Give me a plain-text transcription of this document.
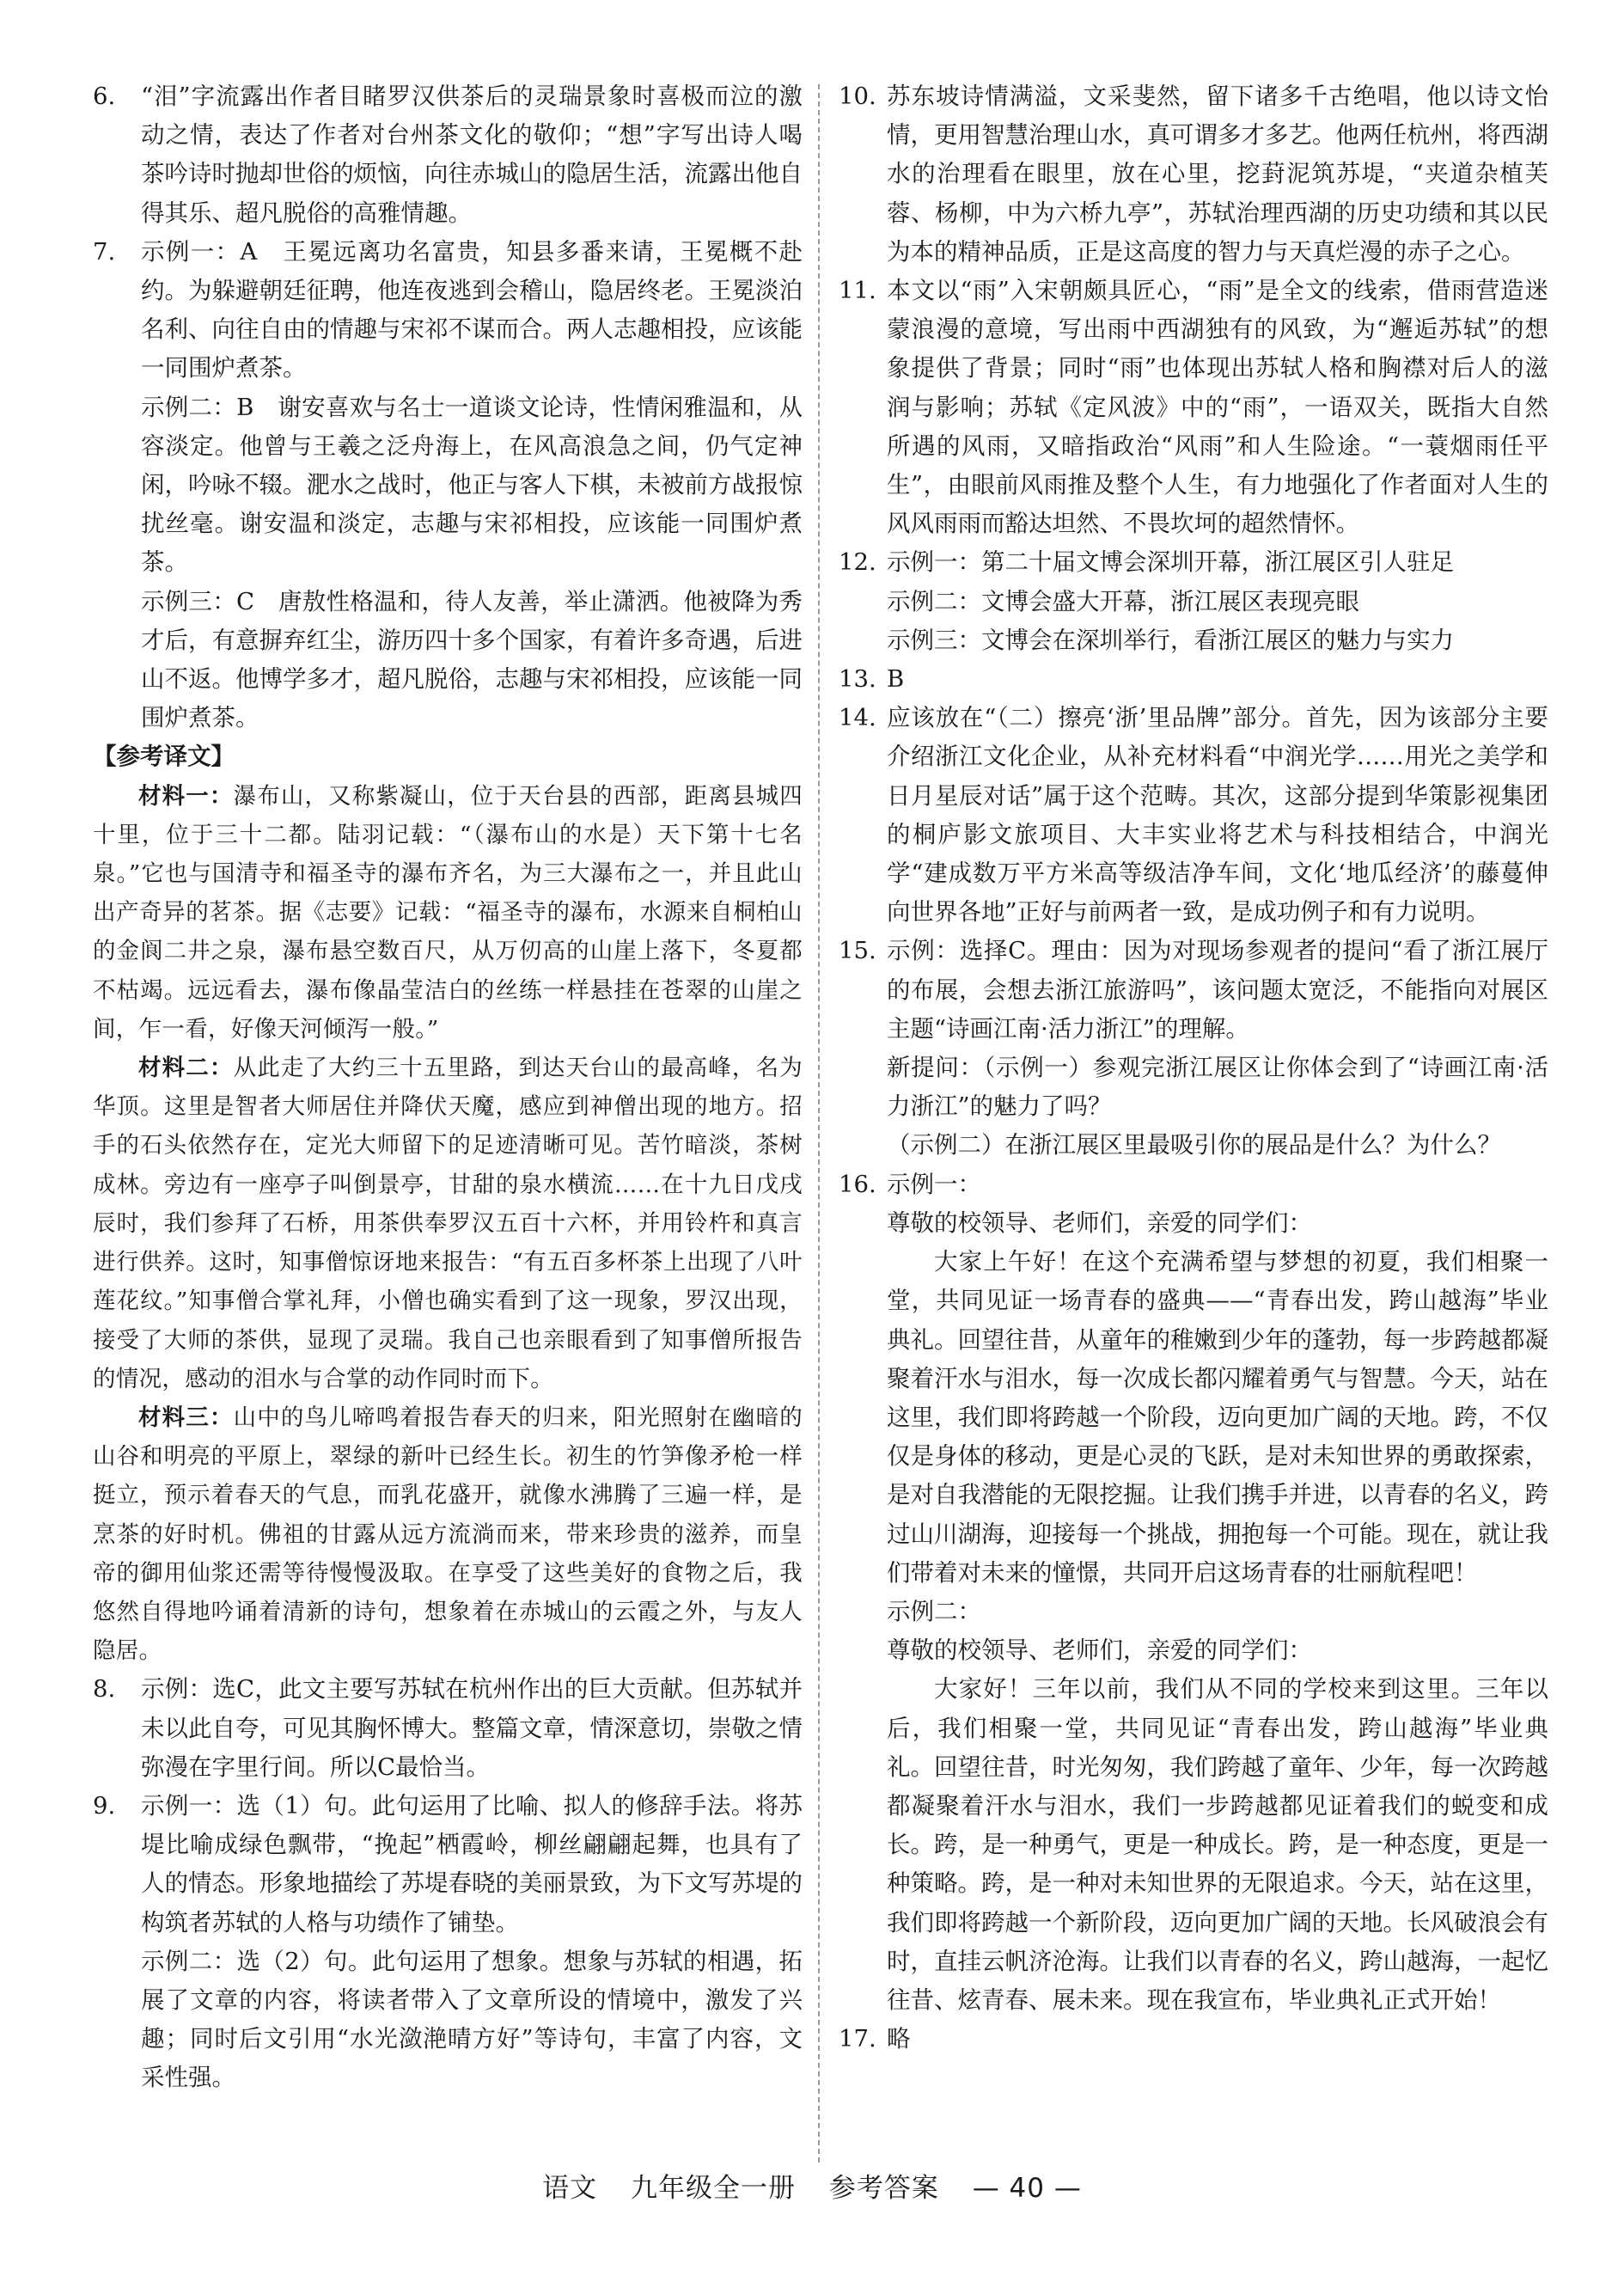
6.	“泪”字流露出作者目睹罗汉供茶后的灵瑞景象时喜极而泣的激动之情，表达了作者对台州茶文化的敬仰；“想”字写出诗人喝茶吟诗时抛却世俗的烦恼，向往赤城山的隐居生活，流露出他自得其乐、超凡脱俗的高雅情趣。

7.	示例一：A　王冕远离功名富贵，知县多番来请，王冕概不赴约。为躲避朝廷征聘，他连夜逃到会稽山，隐居终老。王冕淡泊名利、向往自由的情趣与宋祁不谋而合。两人志趣相投，应该能一同围炉煮茶。

示例二：B　谢安喜欢与名士一道谈文论诗，性情闲雅温和，从容淡定。他曾与王羲之泛舟海上，在风高浪急之间，仍气定神闲，吟咏不辍。淝水之战时，他正与客人下棋，未被前方战报惊扰丝毫。谢安温和淡定，志趣与宋祁相投，应该能一同围炉煮茶。

示例三：C　唐敖性格温和，待人友善，举止潇洒。他被降为秀才后，有意摒弃红尘，游历四十多个国家，有着许多奇遇，后进山不返。他博学多才，超凡脱俗，志趣与宋祁相投，应该能一同围炉煮茶。

【参考译文】

材料一：瀑布山，又称紫凝山，位于天台县的西部，距离县城四十里，位于三十二都。陆羽记载：“（瀑布山的水是）天下第十七名泉。”它也与国清寺和福圣寺的瀑布齐名，为三大瀑布之一，并且此山出产奇异的茗茶。据《志要》记载：“福圣寺的瀑布，水源来自桐柏山的金阆二井之泉，瀑布悬空数百尺，从万仞高的山崖上落下，冬夏都不枯竭。远远看去，瀑布像晶莹洁白的丝练一样悬挂在苍翠的山崖之间，乍一看，好像天河倾泻一般。”

材料二：从此走了大约三十五里路，到达天台山的最高峰，名为华顶。这里是智者大师居住并降伏天魔，感应到神僧出现的地方。招手的石头依然存在，定光大师留下的足迹清晰可见。苦竹暗淡，茶树成林。旁边有一座亭子叫倒景亭，甘甜的泉水横流……在十九日戊戌辰时，我们参拜了石桥，用茶供奉罗汉五百十六杯，并用铃杵和真言进行供养。这时，知事僧惊讶地来报告：“有五百多杯茶上出现了八叶莲花纹。”知事僧合掌礼拜，小僧也确实看到了这一现象，罗汉出现，接受了大师的茶供，显现了灵瑞。我自己也亲眼看到了知事僧所报告的情况，感动的泪水与合掌的动作同时而下。

材料三：山中的鸟儿啼鸣着报告春天的归来，阳光照射在幽暗的山谷和明亮的平原上，翠绿的新叶已经生长。初生的竹笋像矛枪一样挺立，预示着春天的气息，而乳花盛开，就像水沸腾了三遍一样，是烹茶的好时机。佛祖的甘露从远方流淌而来，带来珍贵的滋养，而皇帝的御用仙浆还需等待慢慢汲取。在享受了这些美好的食物之后，我悠然自得地吟诵着清新的诗句，想象着在赤城山的云霞之外，与友人隐居。

8.	示例：选C，此文主要写苏轼在杭州作出的巨大贡献。但苏轼并未以此自夸，可见其胸怀博大。整篇文章，情深意切，崇敬之情弥漫在字里行间。所以C最恰当。

9.	示例一：选（1）句。此句运用了比喻、拟人的修辞手法。将苏堤比喻成绿色飘带，“挽起”栖霞岭，柳丝翩翩起舞，也具有了人的情态。形象地描绘了苏堤春晓的美丽景致，为下文写苏堤的构筑者苏轼的人格与功绩作了铺垫。

示例二：选（2）句。此句运用了想象。想象与苏轼的相遇，拓展了文章的内容，将读者带入了文章所设的情境中，激发了兴趣；同时后文引用“水光潋滟晴方好”等诗句，丰富了内容，文采性强。

10. 苏东坡诗情满溢，文采斐然，留下诸多千古绝唱，他以诗文怡情，更用智慧治理山水，真可谓多才多艺。他两任杭州，将西湖水的治理看在眼里，放在心里，挖葑泥筑苏堤，“夹道杂植芙蓉、杨柳，中为六桥九亭”，苏轼治理西湖的历史功绩和其以民为本的精神品质，正是这高度的智力与天真烂漫的赤子之心。

11. 本文以“雨”入宋朝颇具匠心，“雨”是全文的线索，借雨营造迷蒙浪漫的意境，写出雨中西湖独有的风致，为“邂逅苏轼”的想象提供了背景；同时“雨”也体现出苏轼人格和胸襟对后人的滋润与影响；苏轼《定风波》中的“雨”，一语双关，既指大自然所遇的风雨，又暗指政治“风雨”和人生险途。“一蓑烟雨任平生”，由眼前风雨推及整个人生，有力地强化了作者面对人生的风风雨雨而豁达坦然、不畏坎坷的超然情怀。

12. 示例一：第二十届文博会深圳开幕，浙江展区引人驻足

示例二：文博会盛大开幕，浙江展区表现亮眼

示例三：文博会在深圳举行，看浙江展区的魅力与实力

13. B

14. 应该放在“（二）擦亮‘浙’里品牌”部分。首先，因为该部分主要介绍浙江文化企业，从补充材料看“中润光学……用光之美学和日月星辰对话”属于这个范畴。其次，这部分提到华策影视集团的桐庐影文旅项目、大丰实业将艺术与科技相结合，中润光学“建成数万平方米高等级洁净车间，文化‘地瓜经济’的藤蔓伸向世界各地”正好与前两者一致，是成功例子和有力说明。

15. 示例：选择C。理由：因为对现场参观者的提问“看了浙江展厅的布展，会想去浙江旅游吗”，该问题太宽泛，不能指向对展区主题“诗画江南·活力浙江”的理解。

新提问：（示例一）参观完浙江展区让你体会到了“诗画江南·活力浙江”的魅力了吗？

（示例二）在浙江展区里最吸引你的展品是什么？为什么？

16. 示例一：

尊敬的校领导、老师们，亲爱的同学们：

大家上午好！在这个充满希望与梦想的初夏，我们相聚一堂，共同见证一场青春的盛典——“青春出发，跨山越海”毕业典礼。回望往昔，从童年的稚嫩到少年的蓬勃，每一步跨越都凝聚着汗水与泪水，每一次成长都闪耀着勇气与智慧。今天，站在这里，我们即将跨越一个阶段，迈向更加广阔的天地。跨，不仅仅是身体的移动，更是心灵的飞跃，是对未知世界的勇敢探索，是对自我潜能的无限挖掘。让我们携手并进，以青春的名义，跨过山川湖海，迎接每一个挑战，拥抱每一个可能。现在，就让我们带着对未来的憧憬，共同开启这场青春的壮丽航程吧！

示例二：

尊敬的校领导、老师们，亲爱的同学们：

大家好！三年以前，我们从不同的学校来到这里。三年以后，我们相聚一堂，共同见证“青春出发，跨山越海”毕业典礼。回望往昔，时光匆匆，我们跨越了童年、少年，每一次跨越都凝聚着汗水与泪水，我们一步跨越都见证着我们的蜕变和成长。跨，是一种勇气，更是一种成长。跨，是一种态度，更是一种策略。跨，是一种对未知世界的无限追求。今天，站在这里，我们即将跨越一个新阶段，迈向更加广阔的天地。长风破浪会有时，直挂云帆济沧海。让我们以青春的名义，跨山越海，一起忆往昔、炫青春、展未来。现在我宣布，毕业典礼正式开始！

17. 略

语文 九年级全一册 参考答案 — 40 —
